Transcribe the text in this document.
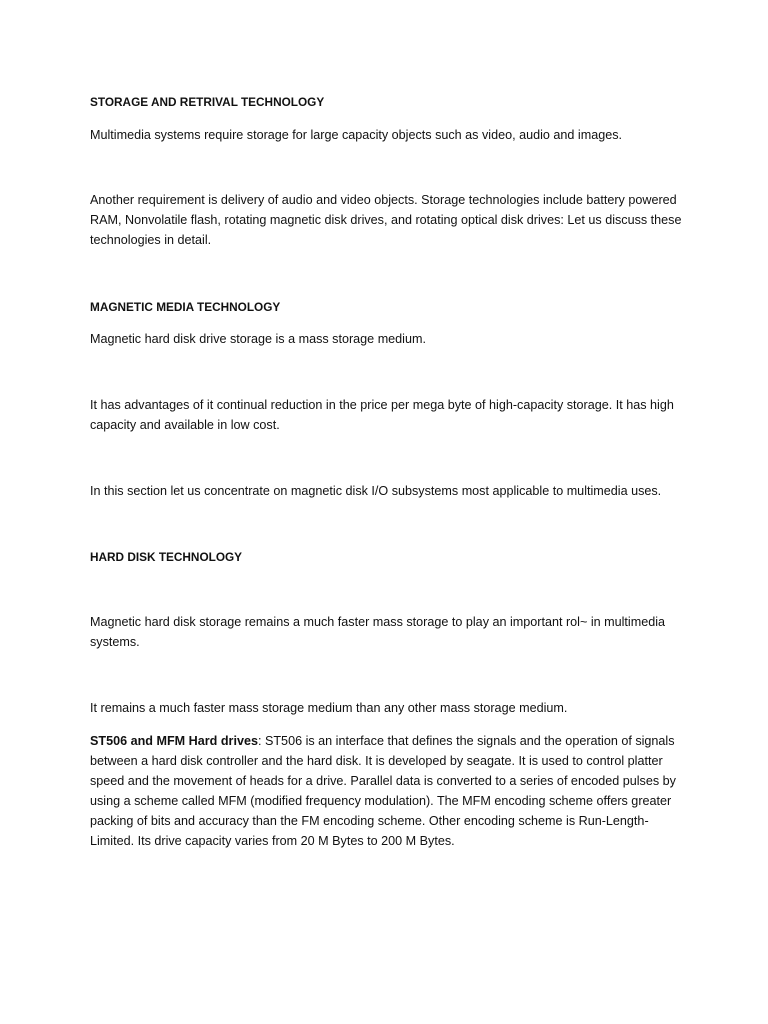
STORAGE AND RETRIVAL TECHNOLOGY

Multimedia systems require storage for large capacity objects such as video, audio and images.

Another requirement is delivery of audio and video objects. Storage technologies include battery powered RAM, Nonvolatile flash, rotating magnetic disk drives, and rotating optical disk drives: Let us discuss these technologies in detail.

MAGNETIC MEDIA TECHNOLOGY

Magnetic hard disk drive storage is a mass storage medium.

It has advantages of it continual reduction in the price per mega byte of high-capacity storage. It has high capacity and available in low cost.

In this section let us concentrate on magnetic disk I/O subsystems most applicable to multimedia uses.

HARD DISK TECHNOLOGY

Magnetic hard disk storage remains a much faster mass storage to play an important rol~ in multimedia systems.

It remains a much faster mass storage medium than any other mass storage medium.

ST506 and MFM Hard drives: ST506 is an interface that defines the signals and the operation of signals between a hard disk controller and the hard disk. It is developed by seagate. It is used to control platter speed and the movement of heads for a drive. Parallel data is converted to a series of encoded pulses by using a scheme called MFM (modified frequency modulation). The MFM encoding scheme offers greater packing of bits and accuracy than the FM encoding scheme. Other encoding scheme is Run-Length-Limited. Its drive capacity varies from 20 M Bytes to 200 M Bytes.
